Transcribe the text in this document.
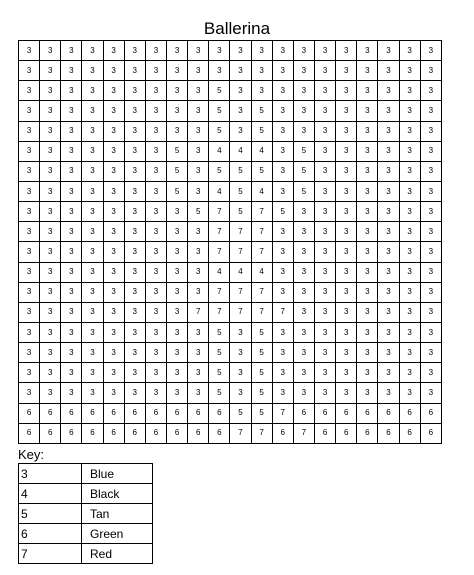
Ballerina
3	3	3	3	3	3	3	3	3	3	3	3	3	3	3	3	3	3	3	3
3	3	3	3	3	3	3	3	3	3	3	3	3	3	3	3	3	3	3	3
3	3	3	3	3	3	3	3	3	5	3	3	3	3	3	3	3	3	3	3
3	3	3	3	3	3	3	3	3	5	3	5	3	3	3	3	3	3	3	3
3	3	3	3	3	3	3	3	3	5	3	5	3	3	3	3	3	3	3	3
3	3	3	3	3	3	3	5	3	4	4	4	3	5	3	3	3	3	3	3
3	3	3	3	3	3	3	5	3	5	5	5	3	5	3	3	3	3	3	3
3	3	3	3	3	3	3	5	3	4	5	4	3	5	3	3	3	3	3	3
3	3	3	3	3	3	3	3	5	7	5	7	5	3	3	3	3	3	3	3
3	3	3	3	3	3	3	3	3	7	7	7	3	3	3	3	3	3	3	3
3	3	3	3	3	3	3	3	3	7	7	7	3	3	3	3	3	3	3	3
3	3	3	3	3	3	3	3	3	4	4	4	3	3	3	3	3	3	3	3
3	3	3	3	3	3	3	3	3	7	7	7	3	3	3	3	3	3	3	3
3	3	3	3	3	3	3	3	7	7	7	7	7	3	3	3	3	3	3	3
3	3	3	3	3	3	3	3	3	5	3	5	3	3	3	3	3	3	3	3
3	3	3	3	3	3	3	3	3	5	3	5	3	3	3	3	3	3	3	3
3	3	3	3	3	3	3	3	3	5	3	5	3	3	3	3	3	3	3	3
3	3	3	3	3	3	3	3	3	5	3	5	3	3	3	3	3	3	3	3
6	6	6	6	6	6	6	6	6	6	5	5	7	6	6	6	6	6	6	6
6	6	6	6	6	6	6	6	6	6	7	7	6	7	6	6	6	6	6	6
Key:
3	Blue
4	Black
5	Tan
6	Green
7	Red
